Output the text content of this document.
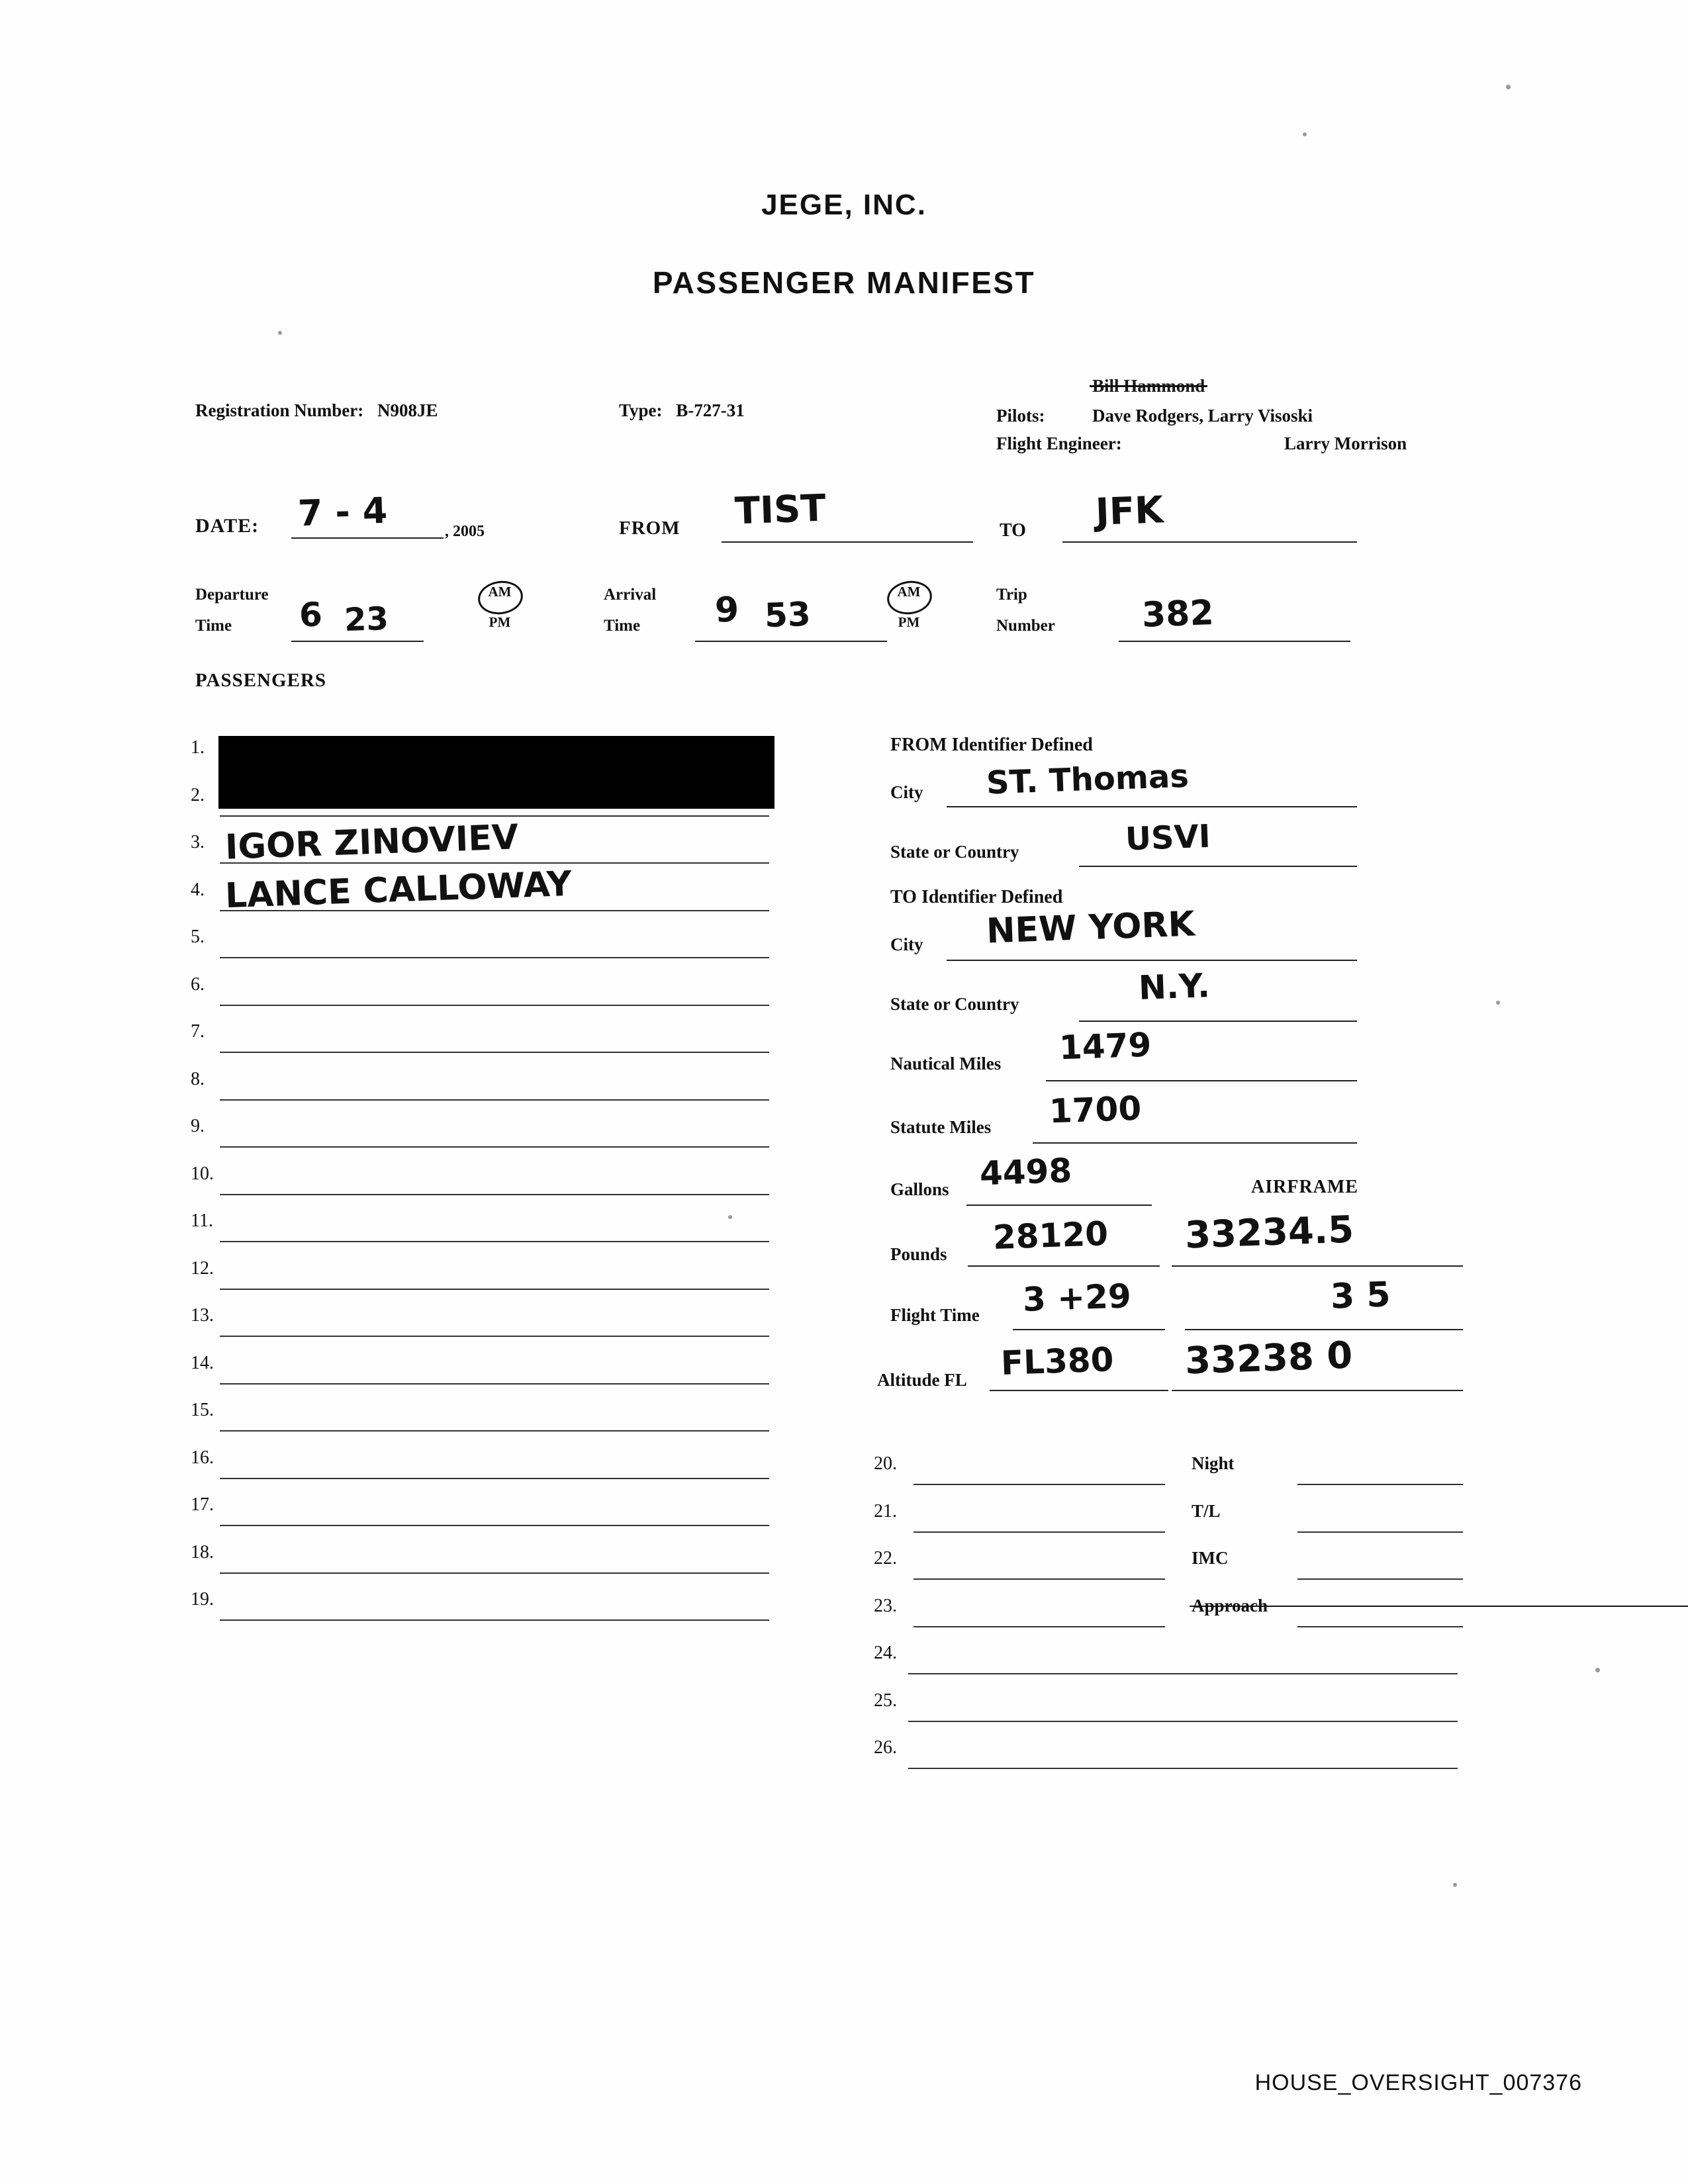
JEGE, INC.
PASSENGER MANIFEST
Registration Number: N908JE	Type: B-727-31
Bill Hammond
Pilots:	Dave Rodgers, Larry Visoski
Flight Engineer:	Larry Morrison
DATE: 7 - 4	, 2005	FROM TIST	TO JFK
Departure
Time 6 23
AM
PM
Arrival
Time 9 53
AM
PM
Trip
Number	382
PASSENGERS
1.
2.
3. IGOR ZINOVIEV
4. LANCE CALLOWAY
5.
6.
7.
8.
9.
10.
11.
12.
13.
14.
15.
16.
17.
18.
19.
FROM Identifier Defined
City ST. Thomas
State or Country	USVI
TO Identifier Defined
City NEW YORK
State or Country	N.Y.
Nautical Miles 1479
Statute Miles 1700
Gallons 4498	AIRFRAME
Pounds 28120 33234.5
Flight Time 3 +29	3 5
Altitude FL FL380 33238 0
20.	Night
21.	T/L
22.	IMC
23.	Approach
24.
25.
26.
HOUSE_OVERSIGHT_007376
